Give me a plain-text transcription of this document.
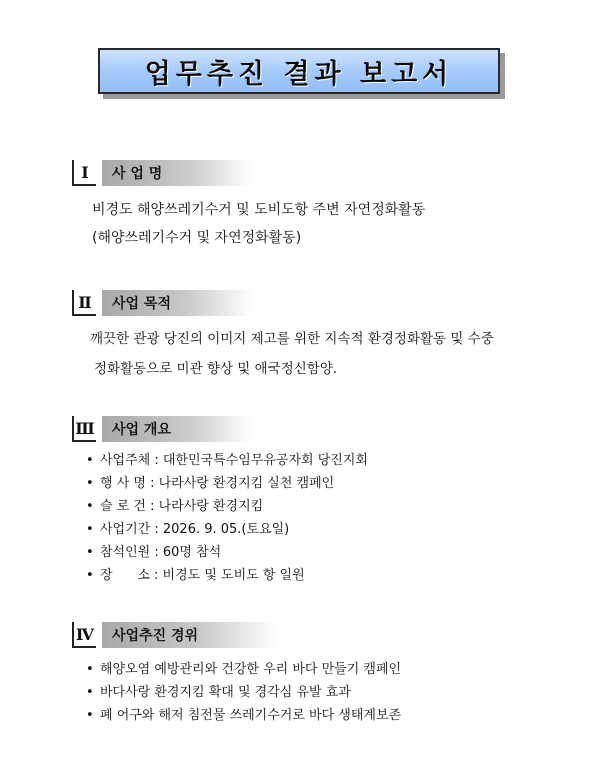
업무추진 결과 보고서
Ⅰ	사 업 명
비경도 해양쓰레기수거 및 도비도항 주변 자연정화활동
(해양쓰레기수거 및 자연정화활동)
Ⅱ	사업 목적
깨끗한 관광 당진의 이미지 제고를 위한 지속적 환경정화활동 및 수중
정화활동으로 미관 향상 및 애국정신함양.
Ⅲ	사업 개요
• 사업주체 : 대한민국특수임무유공자회 당진지회
• 행 사 명 : 나라사랑 환경지킴 실천 캠페인
• 슬 로 건 : 나라사랑 환경지킴
• 사업기간 : 2026. 9. 05.(토요일)
• 참석인원 : 60명 참석
• 장      소 : 비경도 및 도비도 항 일원
Ⅳ	사업추진 경위
• 해양오염 예방관리와 건강한 우리 바다 만들기 캠페인
• 바다사랑 환경지킴 확대 및 경각심 유발 효과
• 폐 어구와 해저 침전물 쓰레기수거로 바다 생태계보존
